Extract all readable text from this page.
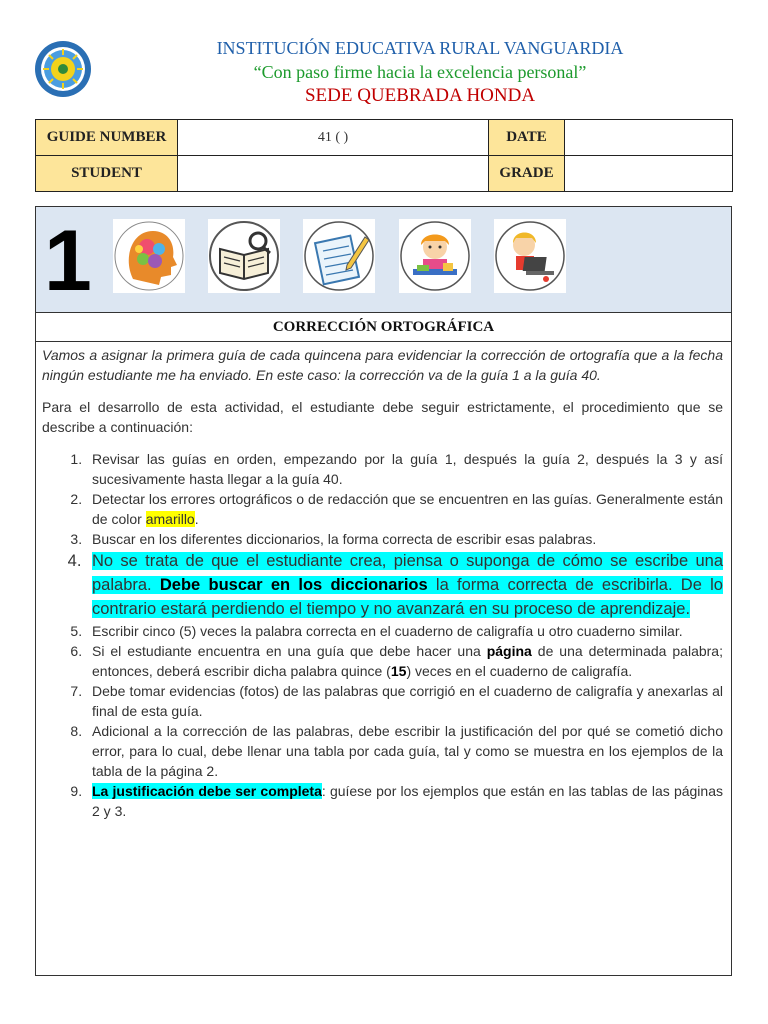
INSTITUCIÓN EDUCATIVA RURAL VANGUARDIA
“Con paso firme hacia la excelencia personal”
SEDE QUEBRADA HONDA
GUIDE NUMBER	41 ( )	DATE	
STUDENT		GRADE	
1
CORRECCIÓN ORTOGRÁFICA

Vamos a asignar la primera guía de cada quincena para evidenciar la corrección de ortografía que a la fecha ningún estudiante me ha enviado. En este caso: la corrección va de la guía 1 a la guía 40.

Para el desarrollo de esta actividad, el estudiante debe seguir estrictamente, el procedimiento que se describe a continuación:

1. Revisar las guías en orden, empezando por la guía 1, después la guía 2, después la 3 y así sucesivamente hasta llegar a la guía 40.
2. Detectar los errores ortográficos o de redacción que se encuentren en las guías. Generalmente están de color amarillo.
3. Buscar en los diferentes diccionarios, la forma correcta de escribir esas palabras.
4. No se trata de que el estudiante crea, piensa o suponga de cómo se escribe una palabra. Debe buscar en los diccionarios la forma correcta de escribirla. De lo contrario estará perdiendo el tiempo y no avanzará en su proceso de aprendizaje.
5. Escribir cinco (5) veces la palabra correcta en el cuaderno de caligrafía u otro cuaderno similar.
6. Si el estudiante encuentra en una guía que debe hacer una página de una determinada palabra; entonces, deberá escribir dicha palabra quince (15) veces en el cuaderno de caligrafía.
7. Debe tomar evidencias (fotos) de las palabras que corrigió en el cuaderno de caligrafía y anexarlas al final de esta guía.
8. Adicional a la corrección de las palabras, debe escribir la justificación del por qué se cometió dicho error, para lo cual, debe llenar una tabla por cada guía, tal y como se muestra en los ejemplos de la tabla de la página 2.
9. La justificación debe ser completa: guíese por los ejemplos que están en las tablas de las páginas 2 y 3.
